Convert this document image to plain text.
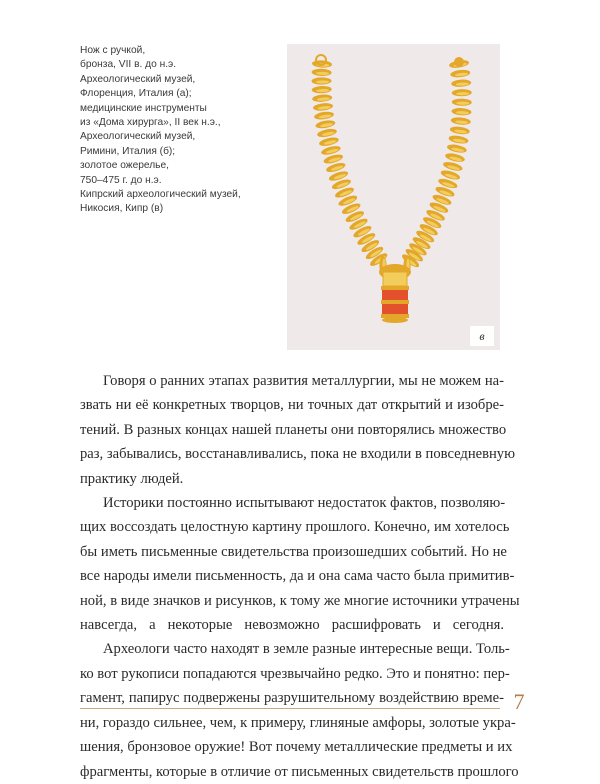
Нож с ручкой,
бронза, VII в. до н.э.
Археологический музей,
Флоренция, Италия (а);
медицинские инструменты
из «Дома хирурга», II век н.э.,
Археологический музей,
Римини, Италия (б);
золотое ожерелье,
750–475 г. до н.э.
Кипрский археологический музей,
Никосия, Кипр (в)
в
Говоря о ранних этапах развития металлургии, мы не можем на-
звать ни её конкретных творцов, ни точных дат открытий и изобре-
тений. В разных концах нашей планеты они повторялись множество
раз, забывались, восстанавливались, пока не входили в повседневную
практику людей.
Историки постоянно испытывают недостаток фактов, позволяю-
щих воссоздать целостную картину прошлого. Конечно, им хотелось
бы иметь письменные свидетельства произошедших событий. Но не
все народы имели письменность, да и она сама часто была примитив-
ной, в виде значков и рисунков, к тому же многие источники утрачены
навсегда, а некоторые невозможно расшифровать и сегодня.
Археологи часто находят в земле разные интересные вещи. Толь-
ко вот рукописи попадаются чрезвычайно редко. Это и понятно: пер-
гамент, папирус подвержены разрушительному воздействию време-
ни, гораздо сильнее, чем, к примеру, глиняные амфоры, золотые укра-
шения, бронзовое оружие! Вот почему металлические предметы и их
фрагменты, которые в отличие от письменных свидетельств прошлого
7
